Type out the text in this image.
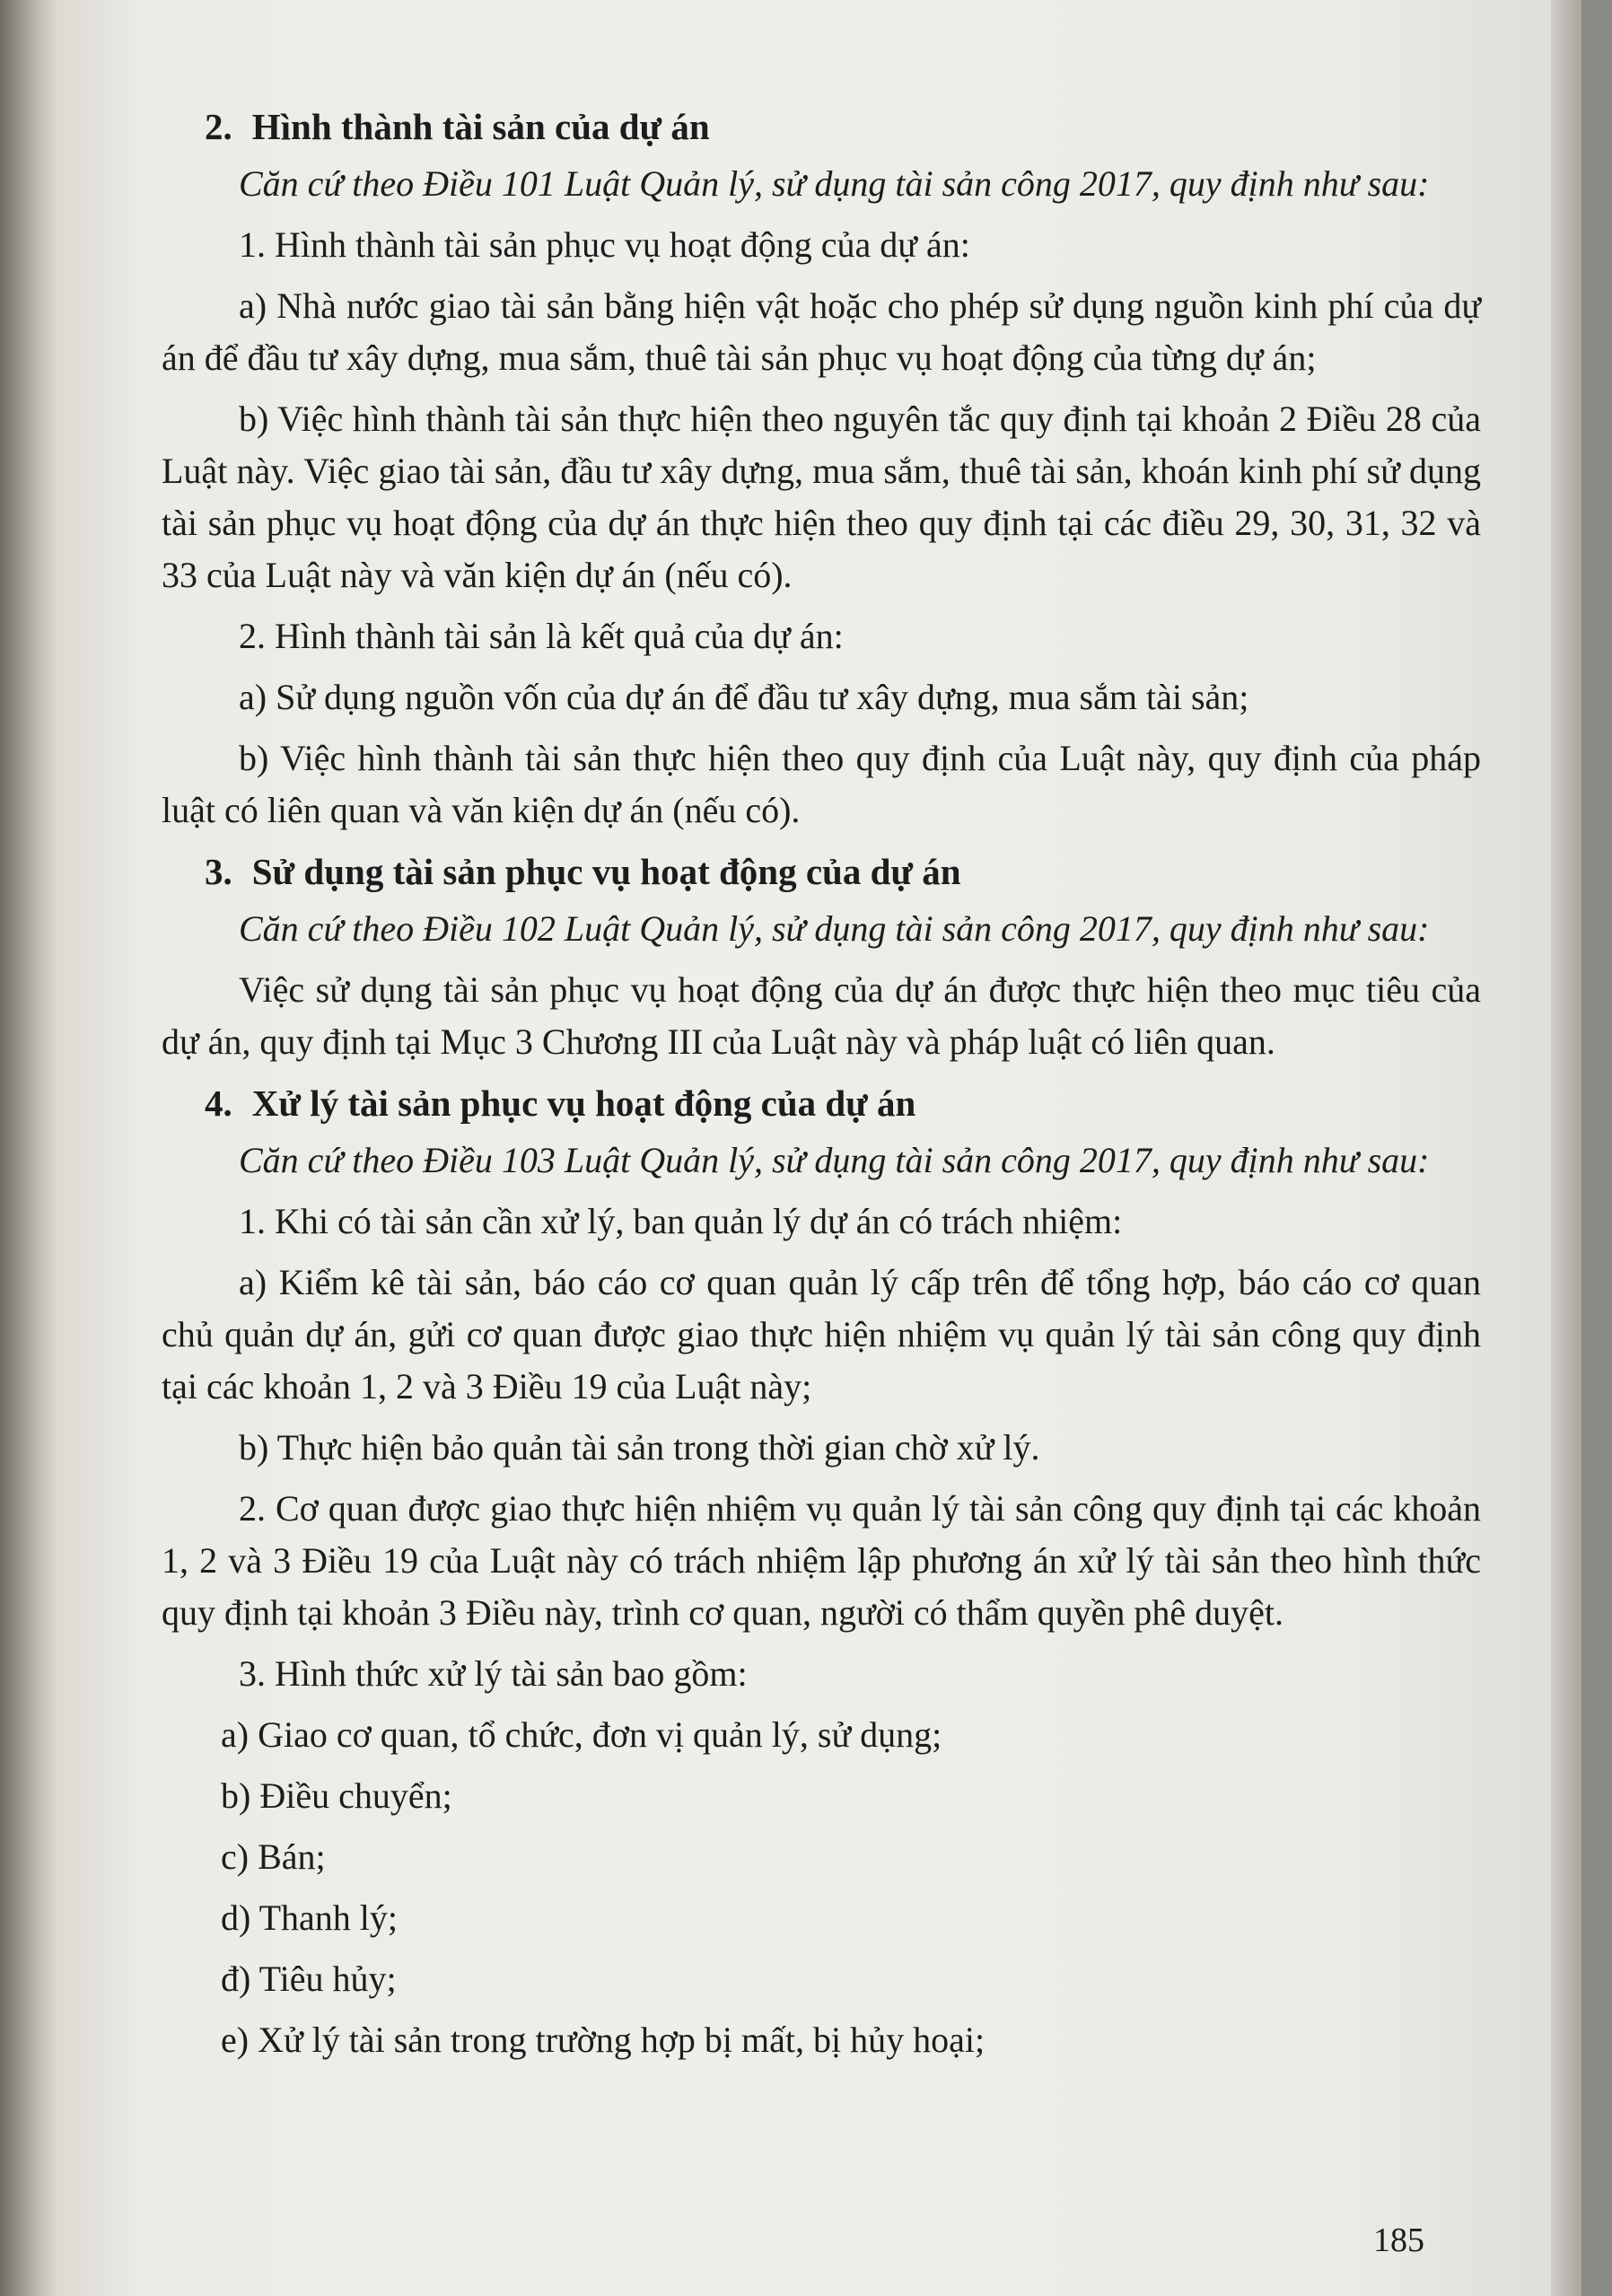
2. Hình thành tài sản của dự án

Căn cứ theo Điều 101 Luật Quản lý, sử dụng tài sản công 2017, quy định như sau:

1. Hình thành tài sản phục vụ hoạt động của dự án:

a) Nhà nước giao tài sản bằng hiện vật hoặc cho phép sử dụng nguồn kinh phí của dự án để đầu tư xây dựng, mua sắm, thuê tài sản phục vụ hoạt động của từng dự án;

b) Việc hình thành tài sản thực hiện theo nguyên tắc quy định tại khoản 2 Điều 28 của Luật này. Việc giao tài sản, đầu tư xây dựng, mua sắm, thuê tài sản, khoán kinh phí sử dụng tài sản phục vụ hoạt động của dự án thực hiện theo quy định tại các điều 29, 30, 31, 32 và 33 của Luật này và văn kiện dự án (nếu có).

2. Hình thành tài sản là kết quả của dự án:

a) Sử dụng nguồn vốn của dự án để đầu tư xây dựng, mua sắm tài sản;

b) Việc hình thành tài sản thực hiện theo quy định của Luật này, quy định của pháp luật có liên quan và văn kiện dự án (nếu có).

3. Sử dụng tài sản phục vụ hoạt động của dự án

Căn cứ theo Điều 102 Luật Quản lý, sử dụng tài sản công 2017, quy định như sau:

Việc sử dụng tài sản phục vụ hoạt động của dự án được thực hiện theo mục tiêu của dự án, quy định tại Mục 3 Chương III của Luật này và pháp luật có liên quan.

4. Xử lý tài sản phục vụ hoạt động của dự án

Căn cứ theo Điều 103 Luật Quản lý, sử dụng tài sản công 2017, quy định như sau:

1. Khi có tài sản cần xử lý, ban quản lý dự án có trách nhiệm:

a) Kiểm kê tài sản, báo cáo cơ quan quản lý cấp trên để tổng hợp, báo cáo cơ quan chủ quản dự án, gửi cơ quan được giao thực hiện nhiệm vụ quản lý tài sản công quy định tại các khoản 1, 2 và 3 Điều 19 của Luật này;

b) Thực hiện bảo quản tài sản trong thời gian chờ xử lý.

2. Cơ quan được giao thực hiện nhiệm vụ quản lý tài sản công quy định tại các khoản 1, 2 và 3 Điều 19 của Luật này có trách nhiệm lập phương án xử lý tài sản theo hình thức quy định tại khoản 3 Điều này, trình cơ quan, người có thẩm quyền phê duyệt.

3. Hình thức xử lý tài sản bao gồm:

a) Giao cơ quan, tổ chức, đơn vị quản lý, sử dụng;
b) Điều chuyển;
c) Bán;
d) Thanh lý;
đ) Tiêu hủy;
e) Xử lý tài sản trong trường hợp bị mất, bị hủy hoại;
185
